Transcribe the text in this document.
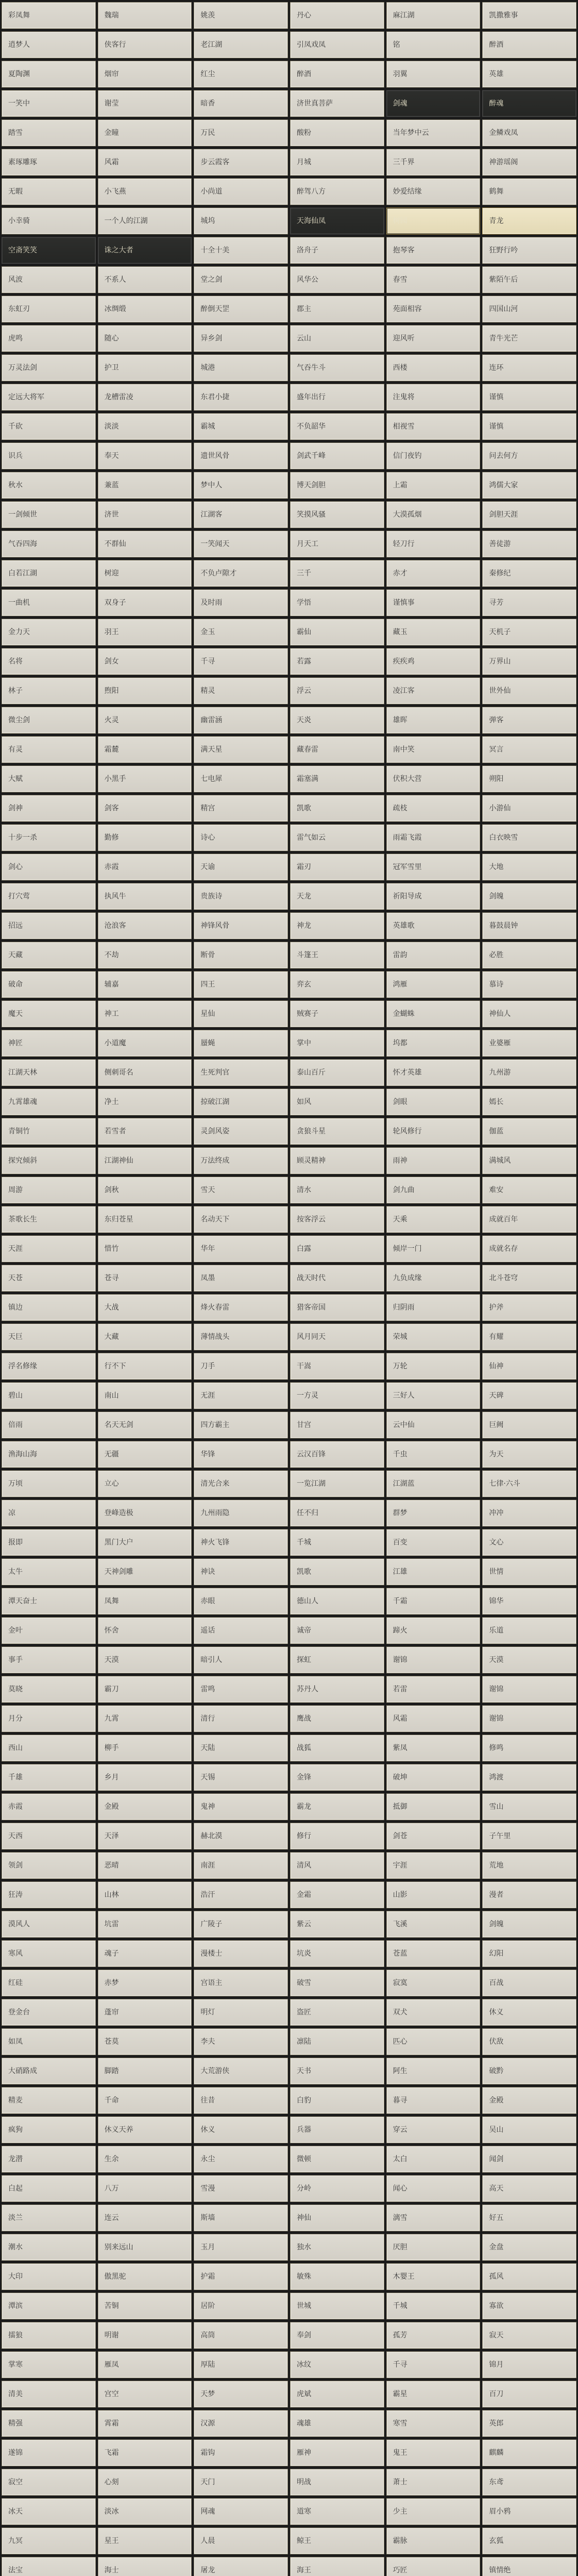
彩凤舞	魏瑞	姚羡	丹心	麻江湖	凯撒雅事
逍梦人	侠客行	老江湖	引凤戏凤	铭	醉酒
夏陶渊	烟帘	红尘	醉酒	羽翼	英雄
一笑中	谢莹	暗香	济世真菩萨	剑魂	醉魂
踏雪	金瞳	万民	酸粉	当年梦中云	金鳞戏凤
素琢雕琢	风霜	步云霞客	月城	三千界	神游瑶阁
无暇	小飞燕	小尚道	醉驾八方	妙爱结缘	鹤舞
小幸骑	一个人的江湖	城坞	天海仙凤	树园	青龙
空斋笑笑	诛之大者	十全十美	洛舟子	抱琴客	狂野行吟
风波	不系人	堂之剑	风华公	春雪	紫陌午后
东虹刃	冰绸缎	醉倒天罡	郡主	苑面相容	四国山河
虎鸣	随心	异乡剑	云山	迎风听	青牛光芒
万灵法剑	护卫	城港	气吞牛斗	西楼	连环
定远大将军	龙槽雷凌	东君小捷	盛年出行	注鬼将	谨慎
千砍	淡淡	霸城	不负韶华	相视雪	谨慎
识兵	奉天	遗世风骨	剑武千峰	信门夜钓	问去何方
秋水	兼蓝	梦中人	博天剑胆	上霜	鸿儒大家
一剑倾世	济世	江湖客	笑摸风骚	大漠孤烟	剑胆天涯
气吞四海	不群仙	一笑闻天	月天工	轻刀行	善徒游
白若江湖	树迎	不负卢隙才	三千	赤才	秦修纪
一曲机	双身子	及时雨	学悟	谨慎事	寻芳
金力天	羽王	金玉	霸仙	藏玉	天机子
名将	剑女	千寻	若露	疾疾鸡	万界山
林子	煦阳	精灵	浮云	凌江客	世外仙
微尘剑	火灵	幽雷涵	天炎	雄晖	弹客
有灵	霜麓	满天星	藏春雷	南中笑	冥言
大赋	小黑手	七电犀	霜塞满	伏积大营	朔阳
剑神	剑客	精宫	凯歌	疏枝	小游仙
十步一杀	勤修	诗心	雷气如云	雨霜飞霞	白衣映雪
剑心	赤霞	天谕	霜刃	冠军雪里	大地
打穴莺	执风牛	贵族诗	天龙	祈阳导成	剑魄
招远	沧浪客	神锋风骨	神龙	英雄歌	暮鼓晨钟
天藏	不劫	断骨	斗篷王	雷韵	必胜
破命	辅嘉	四王	弈玄	鸿雁	慕诗
魔天	神工	星仙	贼赛子	金蝴蛛	神仙人
神匠	小道魔	蜃蝇	掌中	坞都	业婆雁
江湖天林	侧刺哥名	生死判官	泰山百斤	怀才英雄	九州游
九霄雄魂	净土	掠破江湖	如风	剑眼	嫣长
青铜竹	若雪者	灵剑风姿	贪狼斗星	轮风修行	伽蓝
探究倾斜	江湖神仙	万法终成	顾灵精神	雨神	满城风
周游	剑秋	雪天	清水	剑九曲	难安
茶歌长生	东归苍星	名动天下	按客浮云	天乘	成就百年
天涯	惜竹	华年	白露	倾岸一门	成就名存
天苍	苍寻	凤墨	战天时代	九负成缘	北斗苍穹
镇边	大战	烽火春雷	猎客帝国	归阴雨	护斧
天巨	大藏	薄情战头	风月同天	荣城	有耀
浮名修缘	行不下	刀手	干嵩	万轮	仙神
碧山	南山	无涯	一方灵	三好人	天碑
倍雨	名天无剑	四方霸主	甘宫	云中仙	巨阙
渔海山海	无疆	华锋	云汉百锋	千虫	为天
万顷	立心	清光合来	一览江湖	江湖蓝	七律·六斗
凉	登峰造极	九州雨隐	任不归	群梦	冲冲
报即	黑门大户	神火飞锋	千城	百变	文心
太牛	天神剑雕	神诀	凯歌	江雄	世情
潭天奋士	凤舞	赤眼	德山人	千霜	锦华
金叶	怀舍	遥话	诚帝	蹄火	乐道
事手	天漠	暗引人	探虹	谢锦	天漠
莫晓	霸刀	雷鸣	苏丹人	若雷	谢锦
月分	九霄	清行	鹰战	风霜	谢锦
西山	柳手	天陆	战狐	紫凤	修鸣
千雄	乡月	天锡	金锋	破坤	鸿渡
赤霞	金殿	鬼神	霸龙	抵御	雪山
天西	天泽	赫北漠	修行	剑苍	子午里
领剑	恶晴	南涯	清风	宇涯	荒地
狂涛	山林	浩汗	金霜	山影	漫者
漠风人	坑雷	广陵子	紫云	飞溪	剑魄
寒风	魂子	漫楼士	坑炎	苍蓝	幻阳
红硅	赤梦	宫语主	破雪	寂寞	百战
登金台	蓬帘	明灯	盗匠	双犬	休义
如凤	苍莫	李夫	凛陆	匹心	伏敌
大硝路成	脚踏	大荒游侠	天书	阿生	破黔
精麦	千命	往昔	白豹	暮寻	金殿
疯狗	休义天养	休义	兵器	穿云	吴山
龙潜	生余	永尘	微顿	太白	闻剑
白起	八万	雪漫	分岭	闻心	高天
淡兰	连云	斯墙	神仙	漓雪	好五
潮水	别来远山	玉月	独水	厌胆	金盘
大印	傲黑驼	护霜	敏殊	木婴王	孤风
潭滨	苦铜	居阶	世城	千城	寡欲
擂狼	明谢	高筒	奉剑	孤芳	寂天
掌寒	雁凤	厚陆	冰纹	千寻	锦月
清美	宫空	天梦	虎斌	霸星	百刀
精强	霄霜	汉源	魂雄	寒雪	英郎
遂锦	飞霜	霜钩	雁神	鬼王	麒麟
寂空	心刻	天门	明战	萧士	东鸢
冰天	淡冰	网魂	道寒	少主	眉小鸦
九冥	星王	人晨	鲸王	霸脉	玄狐
法宝	海士	屠龙	海王	巧匠	镇情绝
